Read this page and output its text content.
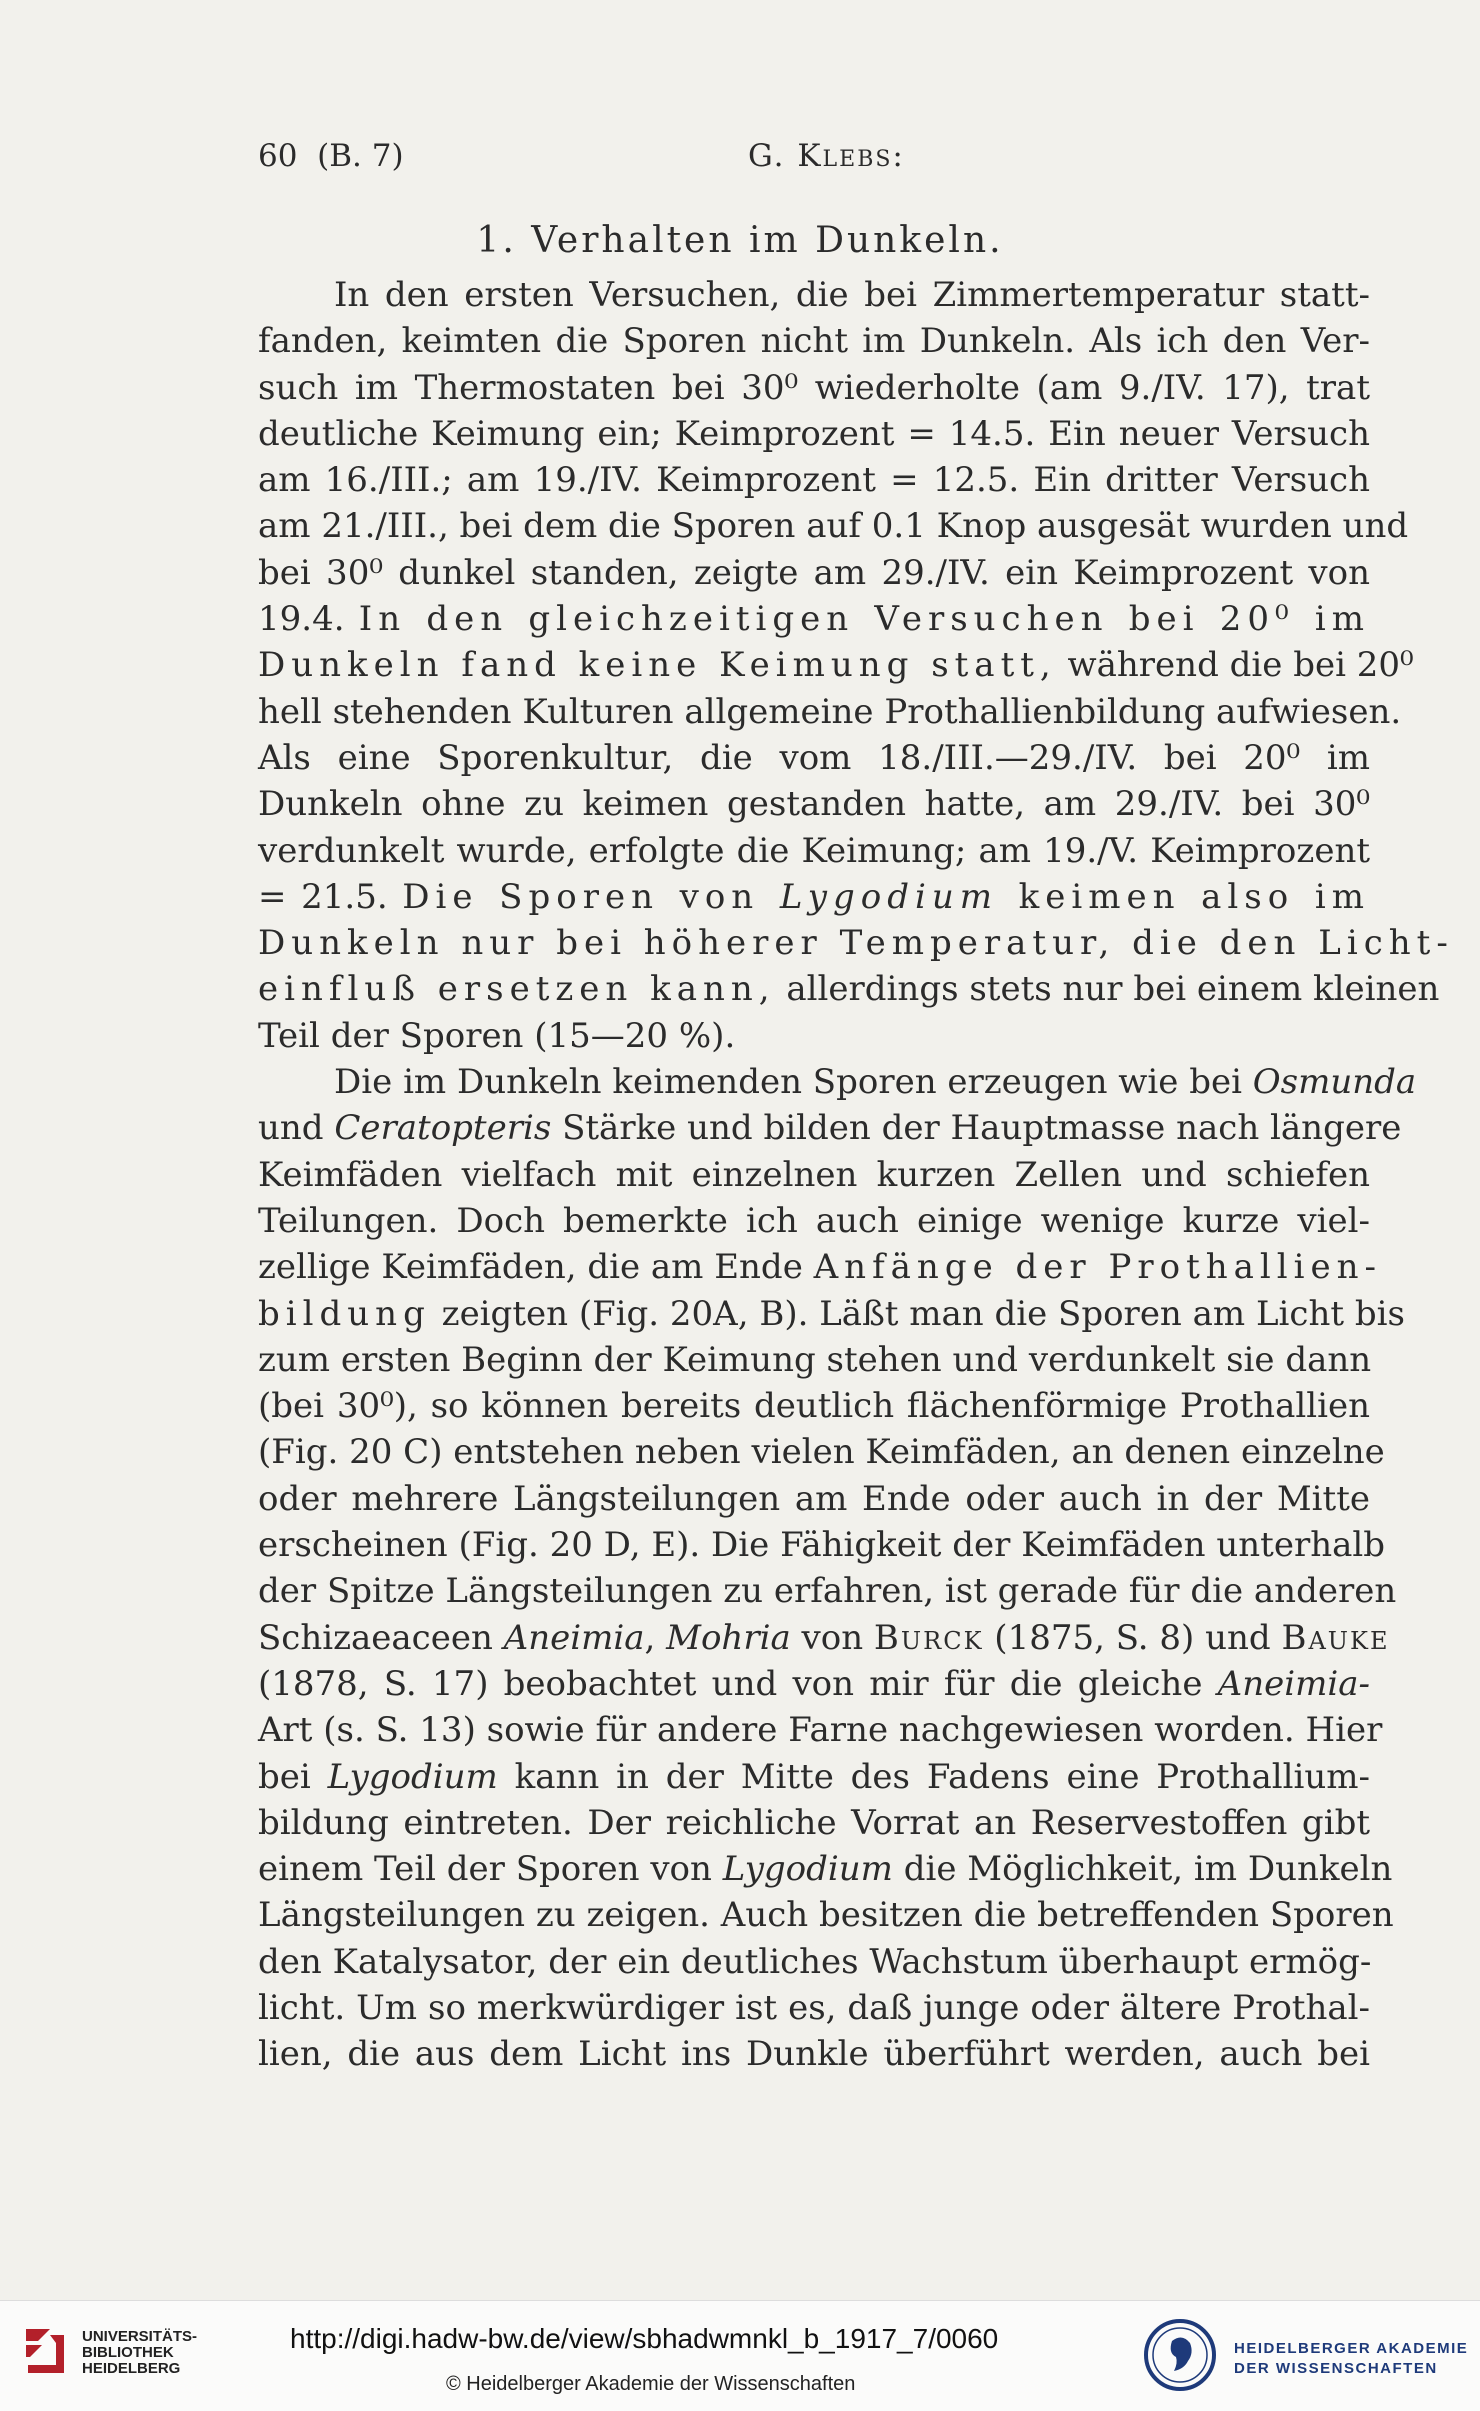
60 (B. 7)	G. Klebs:
1. Verhalten im Dunkeln.
In den ersten Versuchen, die bei Zimmertemperatur statt-
fanden, keimten die Sporen nicht im Dunkeln. Als ich den Ver-
such im Thermostaten bei 30⁰ wiederholte (am 9./IV. 17), trat
deutliche Keimung ein; Keimprozent = 14.5. Ein neuer Versuch
am 16./III.; am 19./IV. Keimprozent = 12.5. Ein dritter Versuch
am 21./III., bei dem die Sporen auf 0.1 Knop ausgesät wurden und
bei 30⁰ dunkel standen, zeigte am 29./IV. ein Keimprozent von
19.4. In den gleichzeitigen Versuchen bei 20⁰ im
Dunkeln fand keine Keimung statt, während die bei 20⁰
hell stehenden Kulturen allgemeine Prothallienbildung aufwiesen.
Als eine Sporenkultur, die vom 18./III.—29./IV. bei 20⁰ im
Dunkeln ohne zu keimen gestanden hatte, am 29./IV. bei 30⁰
verdunkelt wurde, erfolgte die Keimung; am 19./V. Keimprozent
= 21.5. Die Sporen von Lygodium keimen also im
Dunkeln nur bei höherer Temperatur, die den Licht-
einfluß ersetzen kann, allerdings stets nur bei einem kleinen
Teil der Sporen (15—20 %).
Die im Dunkeln keimenden Sporen erzeugen wie bei Osmunda
und Ceratopteris Stärke und bilden der Hauptmasse nach längere
Keimfäden vielfach mit einzelnen kurzen Zellen und schiefen
Teilungen. Doch bemerkte ich auch einige wenige kurze viel-
zellige Keimfäden, die am Ende Anfänge der Prothallien-
bildung zeigten (Fig. 20A, B). Läßt man die Sporen am Licht bis
zum ersten Beginn der Keimung stehen und verdunkelt sie dann
(bei 30⁰), so können bereits deutlich flächenförmige Prothallien
(Fig. 20 C) entstehen neben vielen Keimfäden, an denen einzelne
oder mehrere Längsteilungen am Ende oder auch in der Mitte
erscheinen (Fig. 20 D, E). Die Fähigkeit der Keimfäden unterhalb
der Spitze Längsteilungen zu erfahren, ist gerade für die anderen
Schizaeaceen Aneimia, Mohria von Burck (1875, S. 8) und Bauke
(1878, S. 17) beobachtet und von mir für die gleiche Aneimia-
Art (s. S. 13) sowie für andere Farne nachgewiesen worden. Hier
bei Lygodium kann in der Mitte des Fadens eine Prothallium-
bildung eintreten. Der reichliche Vorrat an Reservestoffen gibt
einem Teil der Sporen von Lygodium die Möglichkeit, im Dunkeln
Längsteilungen zu zeigen. Auch besitzen die betreffenden Sporen
den Katalysator, der ein deutliches Wachstum überhaupt ermög-
licht. Um so merkwürdiger ist es, daß junge oder ältere Prothal-
lien, die aus dem Licht ins Dunkle überführt werden, auch bei
UNIVERSITÄTS-
BIBLIOTHEK
HEIDELBERG
http://digi.hadw-bw.de/view/sbhadwmnkl_b_1917_7/0060
© Heidelberger Akademie der Wissenschaften
HEIDELBERGER AKADEMIE
DER WISSENSCHAFTEN
